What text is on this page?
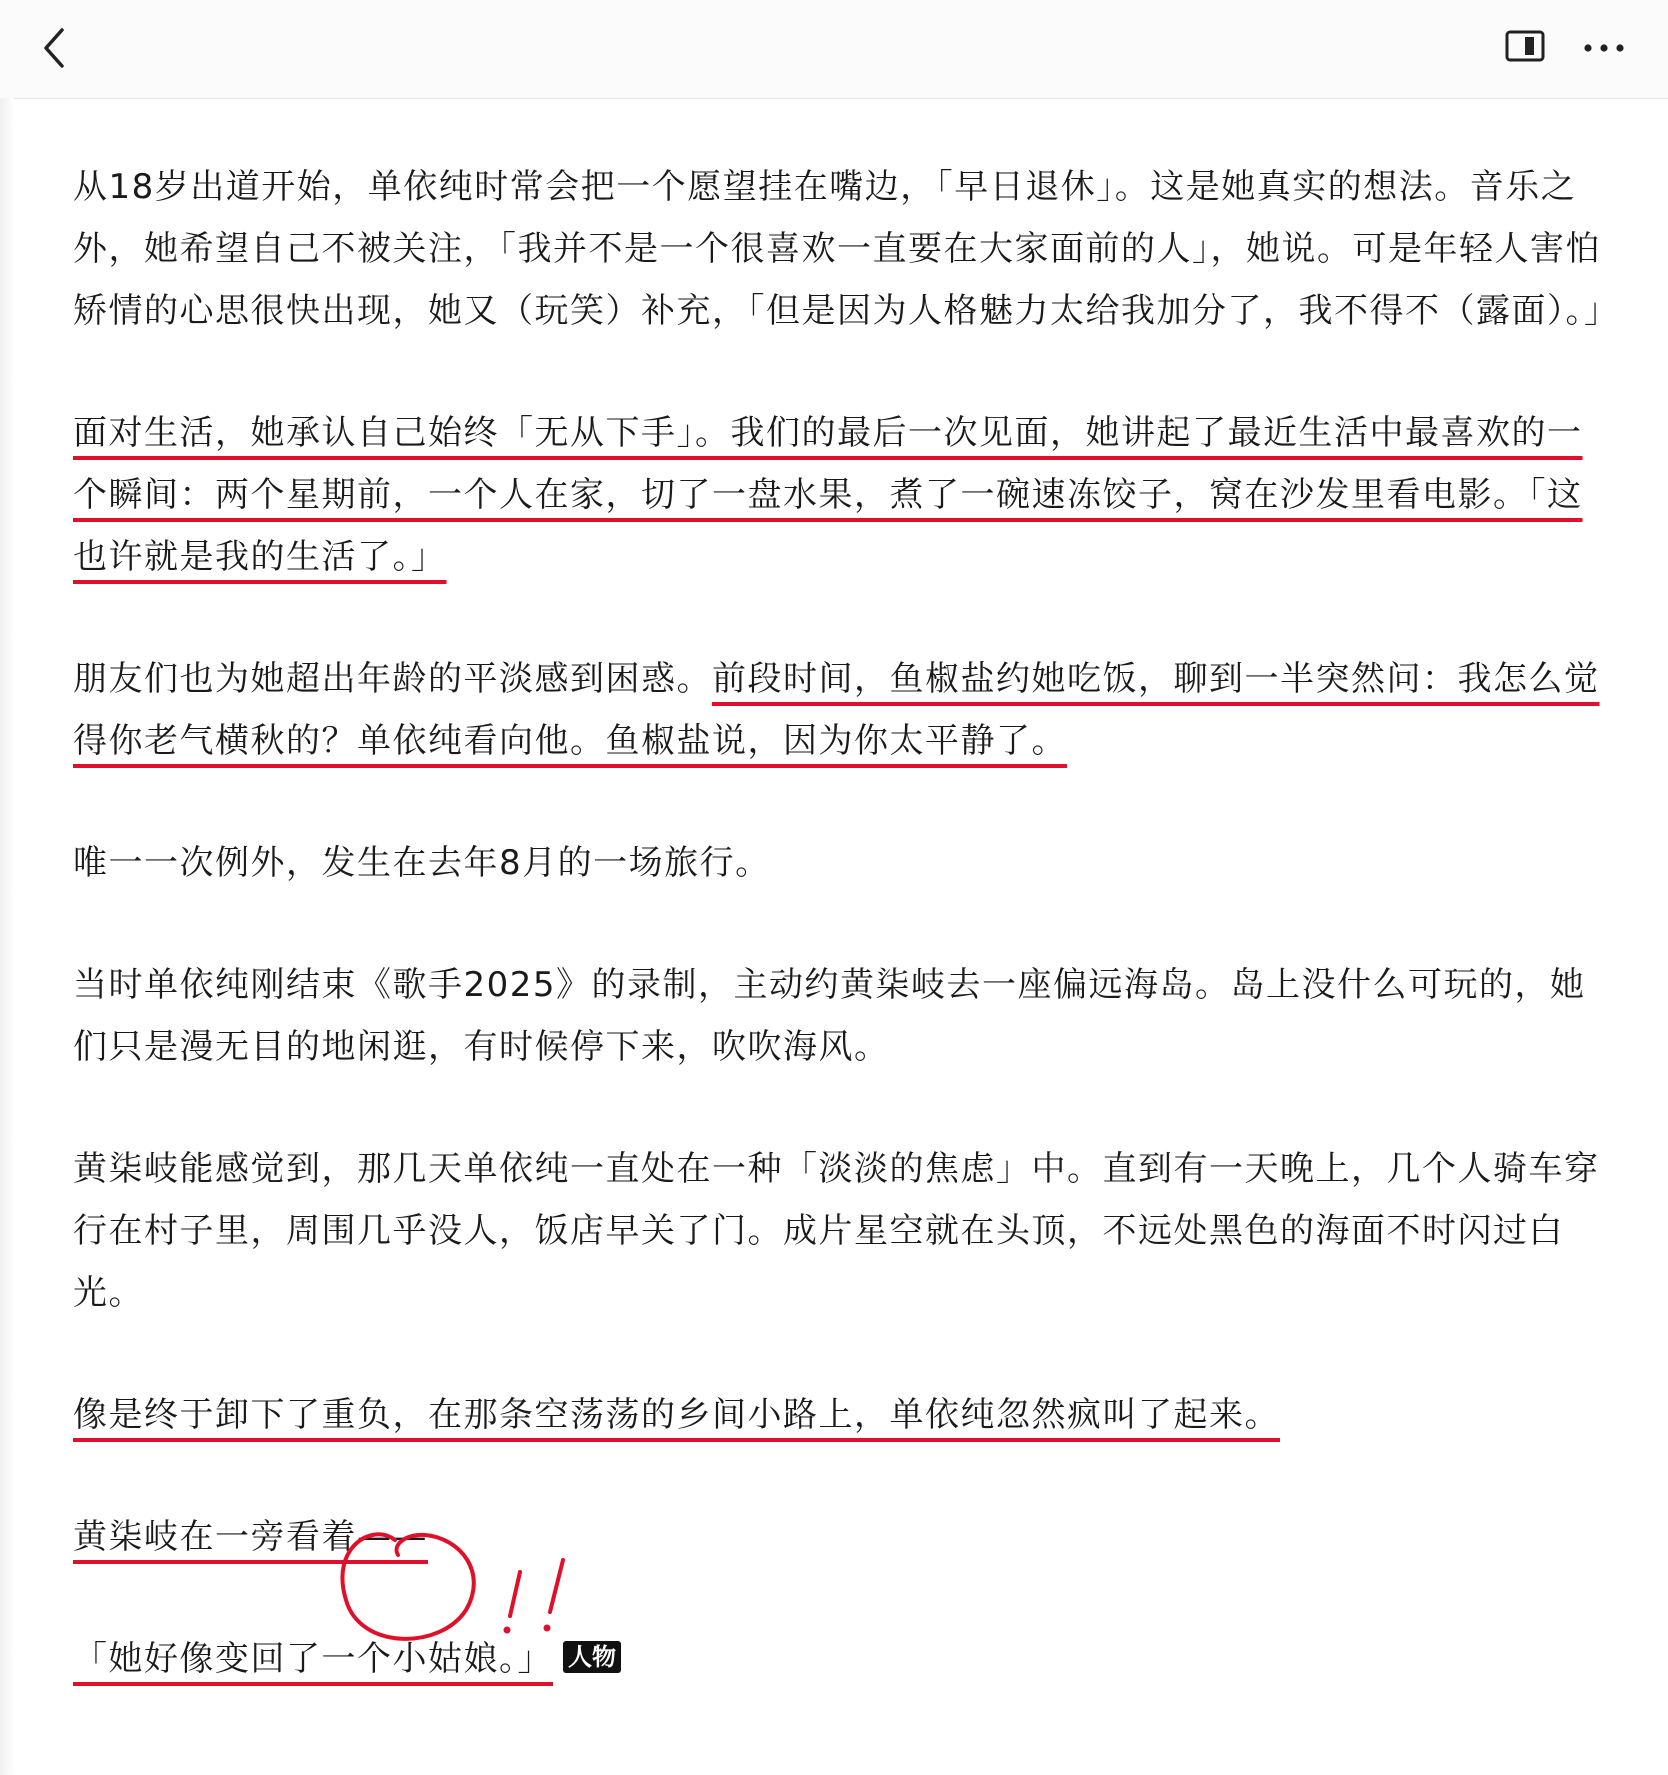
从18岁出道开始，单依纯时常会把一个愿望挂在嘴边，「早日退休」。这是她真实的想法。音乐之外，她希望自己不被关注，「我并不是一个很喜欢一直要在大家面前的人」，她说。可是年轻人害怕矫情的心思很快出现，她又（玩笑）补充，「但是因为人格魅力太给我加分了，我不得不（露面）。」

面对生活，她承认自己始终「无从下手」。我们的最后一次见面，她讲起了最近生活中最喜欢的一个瞬间：两个星期前，一个人在家，切了一盘水果，煮了一碗速冻饺子，窝在沙发里看电影。「这也许就是我的生活了。」

朋友们也为她超出年龄的平淡感到困惑。前段时间，鱼椒盐约她吃饭，聊到一半突然问：我怎么觉得你老气横秋的？单依纯看向他。鱼椒盐说，因为你太平静了。

唯一一次例外，发生在去年8月的一场旅行。

当时单依纯刚结束《歌手2025》的录制，主动约黄柒岐去一座偏远海岛。岛上没什么可玩的，她们只是漫无目的地闲逛，有时候停下来，吹吹海风。

黄柒岐能感觉到，那几天单依纯一直处在一种「淡淡的焦虑」中。直到有一天晚上，几个人骑车穿行在村子里，周围几乎没人，饭店早关了门。成片星空就在头顶，不远处黑色的海面不时闪过白光。

像是终于卸下了重负，在那条空荡荡的乡间小路上，单依纯忽然疯叫了起来。

黄柒岐在一旁看着——

「她好像变回了一个小姑娘。」 人物
